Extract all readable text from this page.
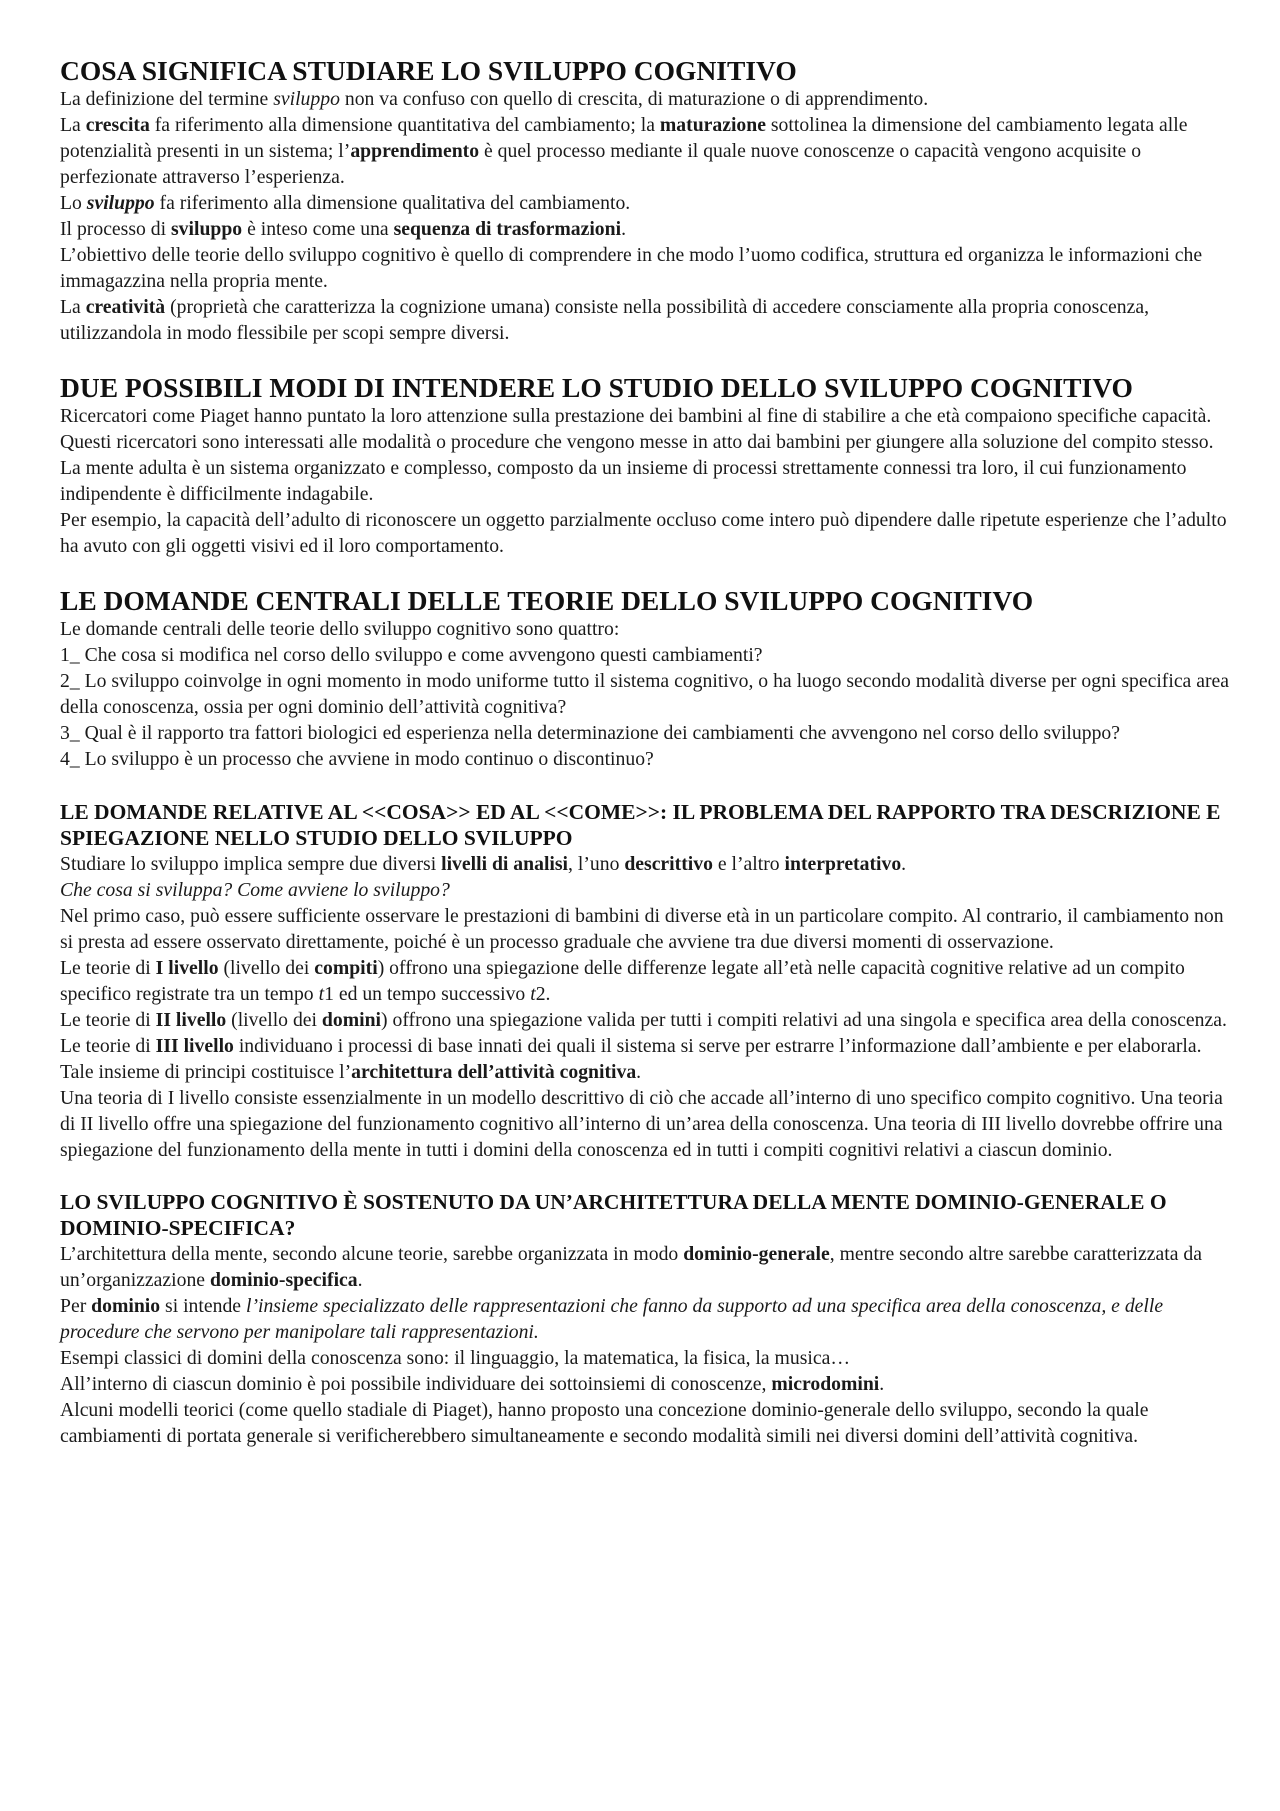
COSA SIGNIFICA STUDIARE LO SVILUPPO COGNITIVO

La definizione del termine sviluppo non va confuso con quello di crescita, di maturazione o di apprendimento.

La crescita fa riferimento alla dimensione quantitativa del cambiamento; la maturazione sottolinea la dimensione del cambiamento legata alle potenzialità presenti in un sistema; l’apprendimento è quel processo mediante il quale nuove conoscenze o capacità vengono acquisite o perfezionate attraverso l’esperienza.

Lo sviluppo fa riferimento alla dimensione qualitativa del cambiamento.

Il processo di sviluppo è inteso come una sequenza di trasformazioni.

L’obiettivo delle teorie dello sviluppo cognitivo è quello di comprendere in che modo l’uomo codifica, struttura ed organizza le informazioni che immagazzina nella propria mente.

La creatività (proprietà che caratterizza la cognizione umana) consiste nella possibilità di accedere consciamente alla propria conoscenza, utilizzandola in modo flessibile per scopi sempre diversi.

DUE POSSIBILI MODI DI INTENDERE LO STUDIO DELLO SVILUPPO COGNITIVO

Ricercatori come Piaget hanno puntato la loro attenzione sulla prestazione dei bambini al fine di stabilire a che età compaiono specifiche capacità. Questi ricercatori sono interessati alle modalità o procedure che vengono messe in atto dai bambini per giungere alla soluzione del compito stesso.

La mente adulta è un sistema organizzato e complesso, composto da un insieme di processi strettamente connessi tra loro, il cui funzionamento indipendente è difficilmente indagabile.

Per esempio, la capacità dell’adulto di riconoscere un oggetto parzialmente occluso come intero può dipendere dalle ripetute esperienze che l’adulto ha avuto con gli oggetti visivi ed il loro comportamento.

LE DOMANDE CENTRALI DELLE TEORIE DELLO SVILUPPO COGNITIVO

Le domande centrali delle teorie dello sviluppo cognitivo sono quattro:

1_ Che cosa si modifica nel corso dello sviluppo e come avvengono questi cambiamenti?

2_ Lo sviluppo coinvolge in ogni momento in modo uniforme tutto il sistema cognitivo, o ha luogo secondo modalità diverse per ogni specifica area della conoscenza, ossia per ogni dominio dell’attività cognitiva?

3_ Qual è il rapporto tra fattori biologici ed esperienza nella determinazione dei cambiamenti che avvengono nel corso dello sviluppo?

4_ Lo sviluppo è un processo che avviene in modo continuo o discontinuo?

LE DOMANDE RELATIVE AL <<COSA>> ED AL <<COME>>: IL PROBLEMA DEL RAPPORTO TRA DESCRIZIONE E SPIEGAZIONE NELLO STUDIO DELLO SVILUPPO

Studiare lo sviluppo implica sempre due diversi livelli di analisi, l’uno descrittivo e l’altro interpretativo.

Che cosa si sviluppa? Come avviene lo sviluppo?

Nel primo caso, può essere sufficiente osservare le prestazioni di bambini di diverse età in un particolare compito. Al contrario, il cambiamento non si presta ad essere osservato direttamente, poiché è un processo graduale che avviene tra due diversi momenti di osservazione.

Le teorie di I livello (livello dei compiti) offrono una spiegazione delle differenze legate all’età nelle capacità cognitive relative ad un compito specifico registrate tra un tempo t1 ed un tempo successivo t2.

Le teorie di II livello (livello dei domini) offrono una spiegazione valida per tutti i compiti relativi ad una singola e specifica area della conoscenza.

Le teorie di III livello individuano i processi di base innati dei quali il sistema si serve per estrarre l’informazione dall’ambiente e per elaborarla. Tale insieme di principi costituisce l’architettura dell’attività cognitiva.

Una teoria di I livello consiste essenzialmente in un modello descrittivo di ciò che accade all’interno di uno specifico compito cognitivo. Una teoria di II livello offre una spiegazione del funzionamento cognitivo all’interno di un’area della conoscenza. Una teoria di III livello dovrebbe offrire una spiegazione del funzionamento della mente in tutti i domini della conoscenza ed in tutti i compiti cognitivi relativi a ciascun dominio.

LO SVILUPPO COGNITIVO È SOSTENUTO DA UN’ARCHITETTURA DELLA MENTE DOMINIO-GENERALE O DOMINIO-SPECIFICA?

L’architettura della mente, secondo alcune teorie, sarebbe organizzata in modo dominio-generale, mentre secondo altre sarebbe caratterizzata da un’organizzazione dominio-specifica.

Per dominio si intende l’insieme specializzato delle rappresentazioni che fanno da supporto ad una specifica area della conoscenza, e delle procedure che servono per manipolare tali rappresentazioni.

Esempi classici di domini della conoscenza sono: il linguaggio, la matematica, la fisica, la musica…

All’interno di ciascun dominio è poi possibile individuare dei sottoinsiemi di conoscenze, microdomini.

Alcuni modelli teorici (come quello stadiale di Piaget), hanno proposto una concezione dominio-generale dello sviluppo, secondo la quale cambiamenti di portata generale si verificherebbero simultaneamente e secondo modalità simili nei diversi domini dell’attività cognitiva.
